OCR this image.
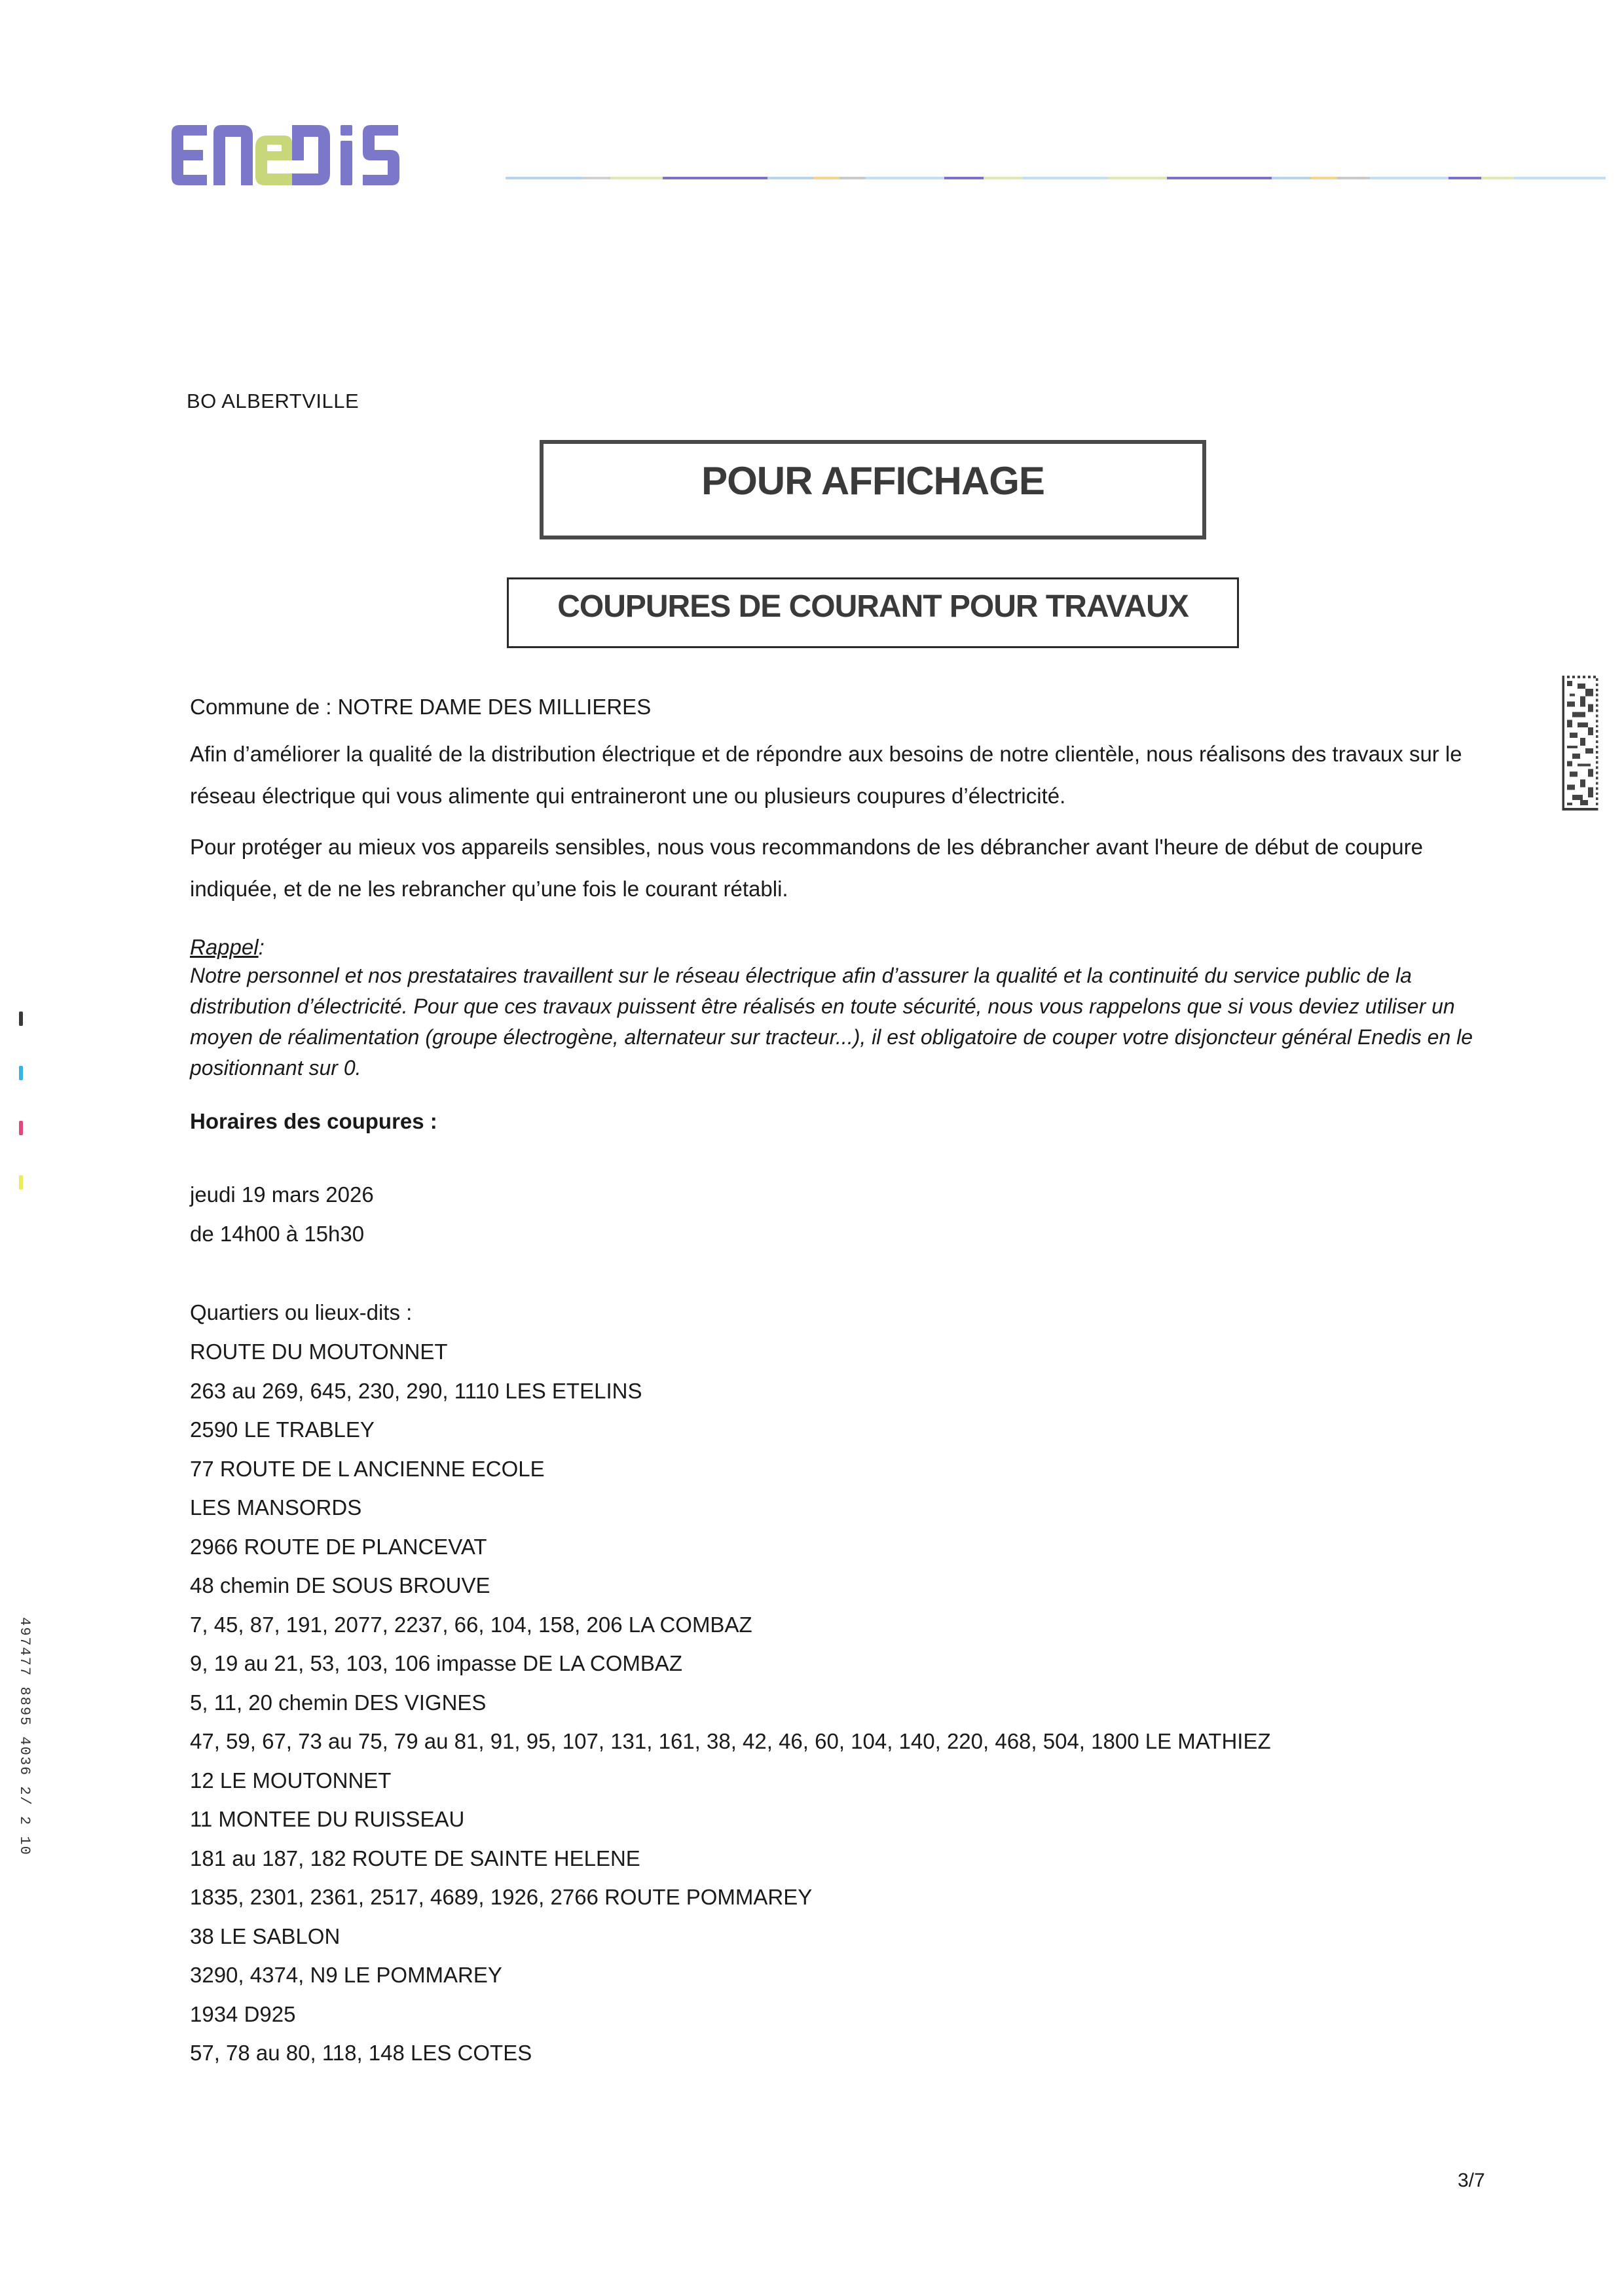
BO ALBERTVILLE
POUR AFFICHAGE
COUPURES DE COURANT POUR TRAVAUX
Commune de : NOTRE DAME DES MILLIERES
Afin d’améliorer la qualité de la distribution électrique et de répondre aux besoins de notre clientèle, nous réalisons des travaux sur le réseau électrique qui vous alimente qui entraineront une ou plusieurs coupures d’électricité.
Pour protéger au mieux vos appareils sensibles, nous vous recommandons de les débrancher avant l'heure de début de coupure indiquée, et de ne les rebrancher qu’une fois le courant rétabli.
Rappel:
Notre personnel et nos prestataires travaillent sur le réseau électrique afin d’assurer la qualité et la continuité du service public de la distribution d’électricité. Pour que ces travaux puissent être réalisés en toute sécurité, nous vous rappelons que si vous deviez utiliser un moyen de réalimentation (groupe électrogène, alternateur sur tracteur...), il est obligatoire de couper votre disjoncteur général Enedis en le positionnant sur 0.
Horaires des coupures :
jeudi 19 mars 2026
de 14h00 à 15h30
Quartiers ou lieux-dits :
ROUTE DU MOUTONNET
263 au 269, 645, 230, 290, 1110 LES ETELINS
2590 LE TRABLEY
77 ROUTE DE L ANCIENNE ECOLE
LES MANSORDS
2966 ROUTE DE PLANCEVAT
48 chemin DE SOUS BROUVE
7, 45, 87, 191, 2077, 2237, 66, 104, 158, 206 LA COMBAZ
9, 19 au 21, 53, 103, 106 impasse DE LA COMBAZ
5, 11, 20 chemin DES VIGNES
47, 59, 67, 73 au 75, 79 au 81, 91, 95, 107, 131, 161, 38, 42, 46, 60, 104, 140, 220, 468, 504, 1800 LE MATHIEZ
12 LE MOUTONNET
11 MONTEE DU RUISSEAU
181 au 187, 182 ROUTE DE SAINTE HELENE
1835, 2301, 2361, 2517, 4689, 1926, 2766 ROUTE POMMAREY
38 LE SABLON
3290, 4374, N9 LE POMMAREY
1934 D925
57, 78 au 80, 118, 148 LES COTES
497477 8895 4036 2/ 2 10
3/7
